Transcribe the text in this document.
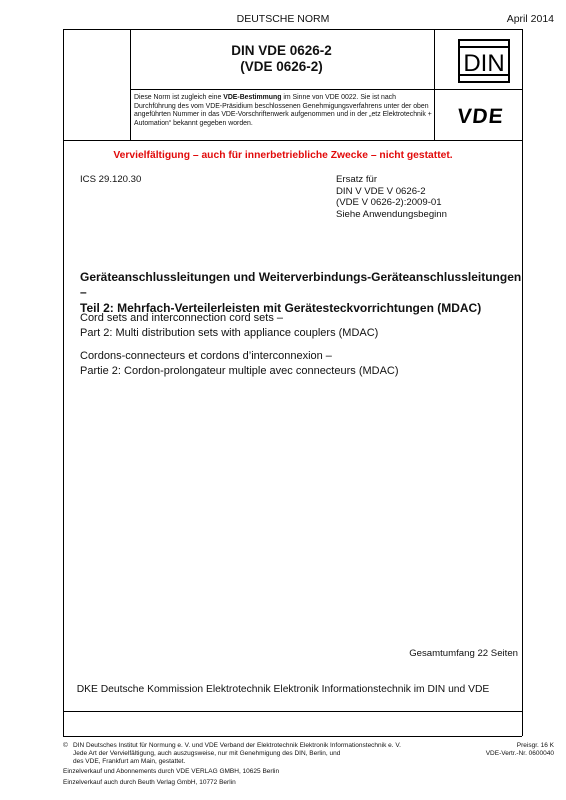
DEUTSCHE NORM	April 2014
DIN VDE 0626-2
(VDE 0626-2)	DIN
Diese Norm ist zugleich eine VDE-Bestimmung im Sinne von VDE 0022. Sie ist nach Durchführung des vom VDE-Präsidium beschlossenen Genehmigungsverfahrens unter der oben angeführten Nummer in das VDE-Vorschriftenwerk aufgenommen und in der „etz Elektrotechnik + Automation“ bekannt gegeben worden.	VDE
Vervielfältigung – auch für innerbetriebliche Zwecke – nicht gestattet.
ICS 29.120.30	Ersatz für
DIN V VDE V 0626-2
(VDE V 0626-2):2009-01
Siehe Anwendungsbeginn
Geräteanschlussleitungen und Weiterverbindungs-Geräteanschlussleitungen –
Teil 2: Mehrfach-Verteilerleisten mit Gerätesteckvorrichtungen (MDAC)
Cord sets and interconnection cord sets –
Part 2: Multi distribution sets with appliance couplers (MDAC)
Cordons-connecteurs et cordons d’interconnexion –
Partie 2: Cordon-prolongateur multiple avec connecteurs (MDAC)
Gesamtumfang 22 Seiten
DKE Deutsche Kommission Elektrotechnik Elektronik Informationstechnik im DIN und VDE
© DIN Deutsches Institut für Normung e. V. und VDE Verband der Elektrotechnik Elektronik Informationstechnik e. V.
Jede Art der Vervielfältigung, auch auszugsweise, nur mit Genehmigung des DIN, Berlin, und
des VDE, Frankfurt am Main, gestattet.
Preisgr. 16 K
VDE-Vertr.-Nr. 0600040
Einzelverkauf und Abonnements durch VDE VERLAG GMBH, 10625 Berlin
Einzelverkauf auch durch Beuth Verlag GmbH, 10772 Berlin
